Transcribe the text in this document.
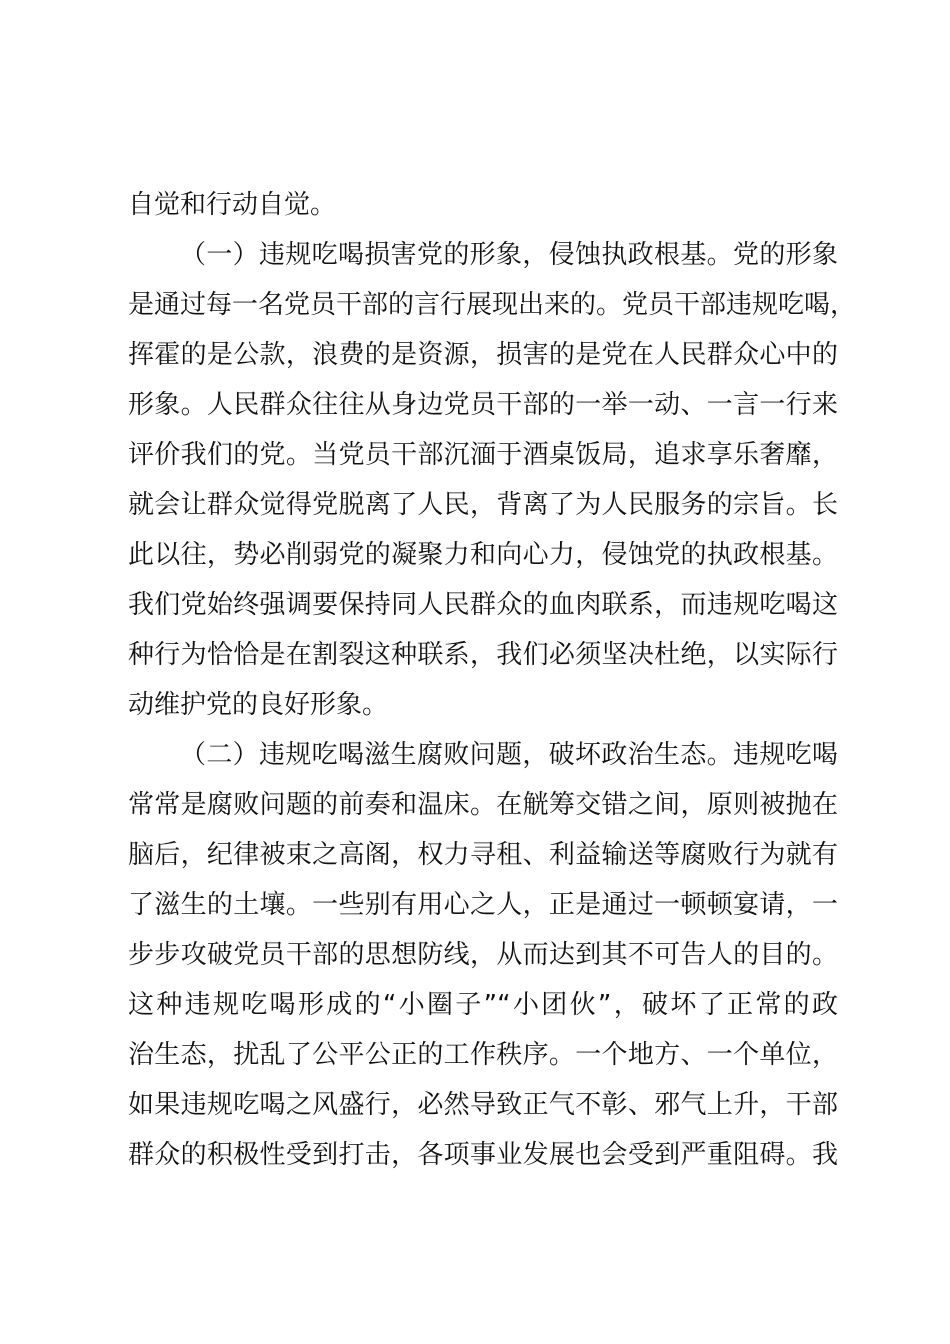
自觉和行动自觉。
（一）违规吃喝损害党的形象，侵蚀执政根基。党的形象
是通过每一名党员干部的言行展现出来的。党员干部违规吃喝，
挥霍的是公款，浪费的是资源，损害的是党在人民群众心中的
形象。人民群众往往从身边党员干部的一举一动、一言一行来
评价我们的党。当党员干部沉湎于酒桌饭局，追求享乐奢靡，
就会让群众觉得党脱离了人民，背离了为人民服务的宗旨。长
此以往，势必削弱党的凝聚力和向心力，侵蚀党的执政根基。
我们党始终强调要保持同人民群众的血肉联系，而违规吃喝这
种行为恰恰是在割裂这种联系，我们必须坚决杜绝，以实际行
动维护党的良好形象。
（二）违规吃喝滋生腐败问题，破坏政治生态。违规吃喝
常常是腐败问题的前奏和温床。在觥筹交错之间，原则被抛在
脑后，纪律被束之高阁，权力寻租、利益输送等腐败行为就有
了滋生的土壤。一些别有用心之人，正是通过一顿顿宴请，一
步步攻破党员干部的思想防线，从而达到其不可告人的目的。
这种违规吃喝形成的“小圈子”“小团伙”，破坏了正常的政
治生态，扰乱了公平公正的工作秩序。一个地方、一个单位，
如果违规吃喝之风盛行，必然导致正气不彰、邪气上升，干部
群众的积极性受到打击，各项事业发展也会受到严重阻碍。我
